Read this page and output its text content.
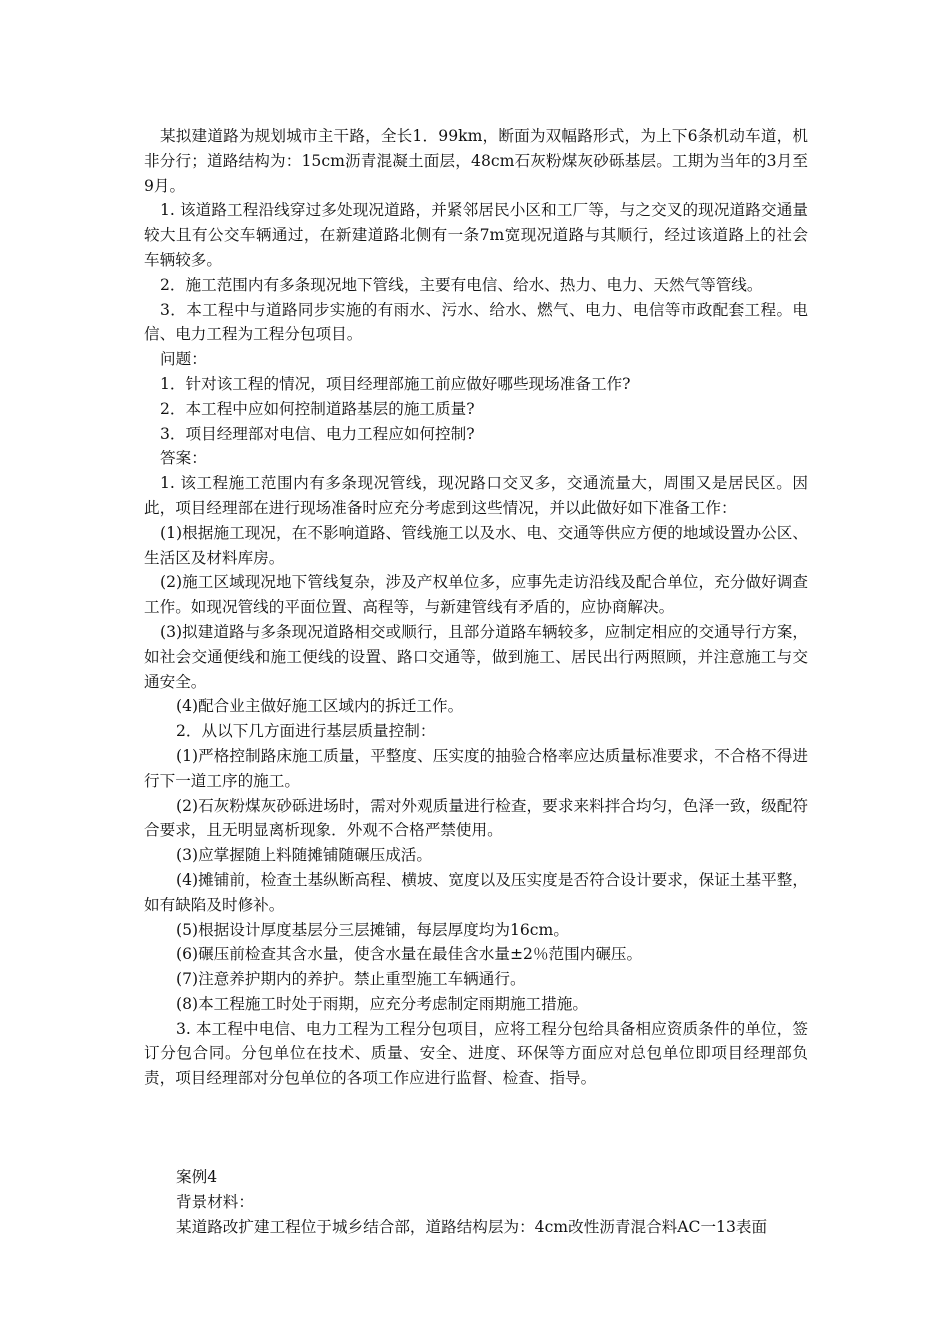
某拟建道路为规划城市主干路，全长1．99km，断面为双幅路形式，为上下6条机动车道，机非分行；道路结构为：15cm沥青混凝土面层，48cm石灰粉煤灰砂砾基层。工期为当年的3月至9月。

1. 该道路工程沿线穿过多处现况道路，并紧邻居民小区和工厂等，与之交叉的现况道路交通量较大且有公交车辆通过，在新建道路北侧有一条7m宽现况道路与其顺行，经过该道路上的社会车辆较多。

2．施工范围内有多条现况地下管线，主要有电信、给水、热力、电力、天然气等管线。

3．本工程中与道路同步实施的有雨水、污水、给水、燃气、电力、电信等市政配套工程。电信、电力工程为工程分包项目。

问题：

1．针对该工程的情况，项目经理部施工前应做好哪些现场准备工作?

2．本工程中应如何控制道路基层的施工质量?

3．项目经理部对电信、电力工程应如何控制?

答案：

1. 该工程施工范围内有多条现况管线，现况路口交叉多，交通流量大，周围又是居民区。因此，项目经理部在进行现场准备时应充分考虑到这些情况，并以此做好如下准备工作：

(1)根据施工现况，在不影响道路、管线施工以及水、电、交通等供应方便的地域设置办公区、生活区及材料库房。

(2)施工区域现况地下管线复杂，涉及产权单位多，应事先走访沿线及配合单位，充分做好调查工作。如现况管线的平面位置、高程等，与新建管线有矛盾的，应协商解决。

(3)拟建道路与多条现况道路相交或顺行，且部分道路车辆较多，应制定相应的交通导行方案，如社会交通便线和施工便线的设置、路口交通等，做到施工、居民出行两照顾，并注意施工与交通安全。

(4)配合业主做好施工区域内的拆迁工作。

2．从以下几方面进行基层质量控制：

(1)严格控制路床施工质量，平整度、压实度的抽验合格率应达质量标准要求，不合格不得进行下一道工序的施工。

(2)石灰粉煤灰砂砾进场时，需对外观质量进行检查，要求来料拌合均匀，色泽一致，级配符合要求，且无明显离析现象．外观不合格严禁使用。

(3)应掌握随上料随摊铺随碾压成活。

(4)摊铺前，检查土基纵断高程、横坡、宽度以及压实度是否符合设计要求，保证土基平整，如有缺陷及时修补。

(5)根据设计厚度基层分三层摊铺，每层厚度均为16cm。

(6)碾压前检查其含水量，使含水量在最佳含水量±2％范围内碾压。

(7)注意养护期内的养护。禁止重型施工车辆通行。

(8)本工程施工时处于雨期，应充分考虑制定雨期施工措施。

3. 本工程中电信、电力工程为工程分包项目，应将工程分包给具备相应资质条件的单位，签订分包合同。分包单位在技术、质量、安全、进度、环保等方面应对总包单位即项目经理部负责，项目经理部对分包单位的各项工作应进行监督、检查、指导。

案例4

背景材料：

某道路改扩建工程位于城乡结合部，道路结构层为：4cm改性沥青混合料AC一13表面
